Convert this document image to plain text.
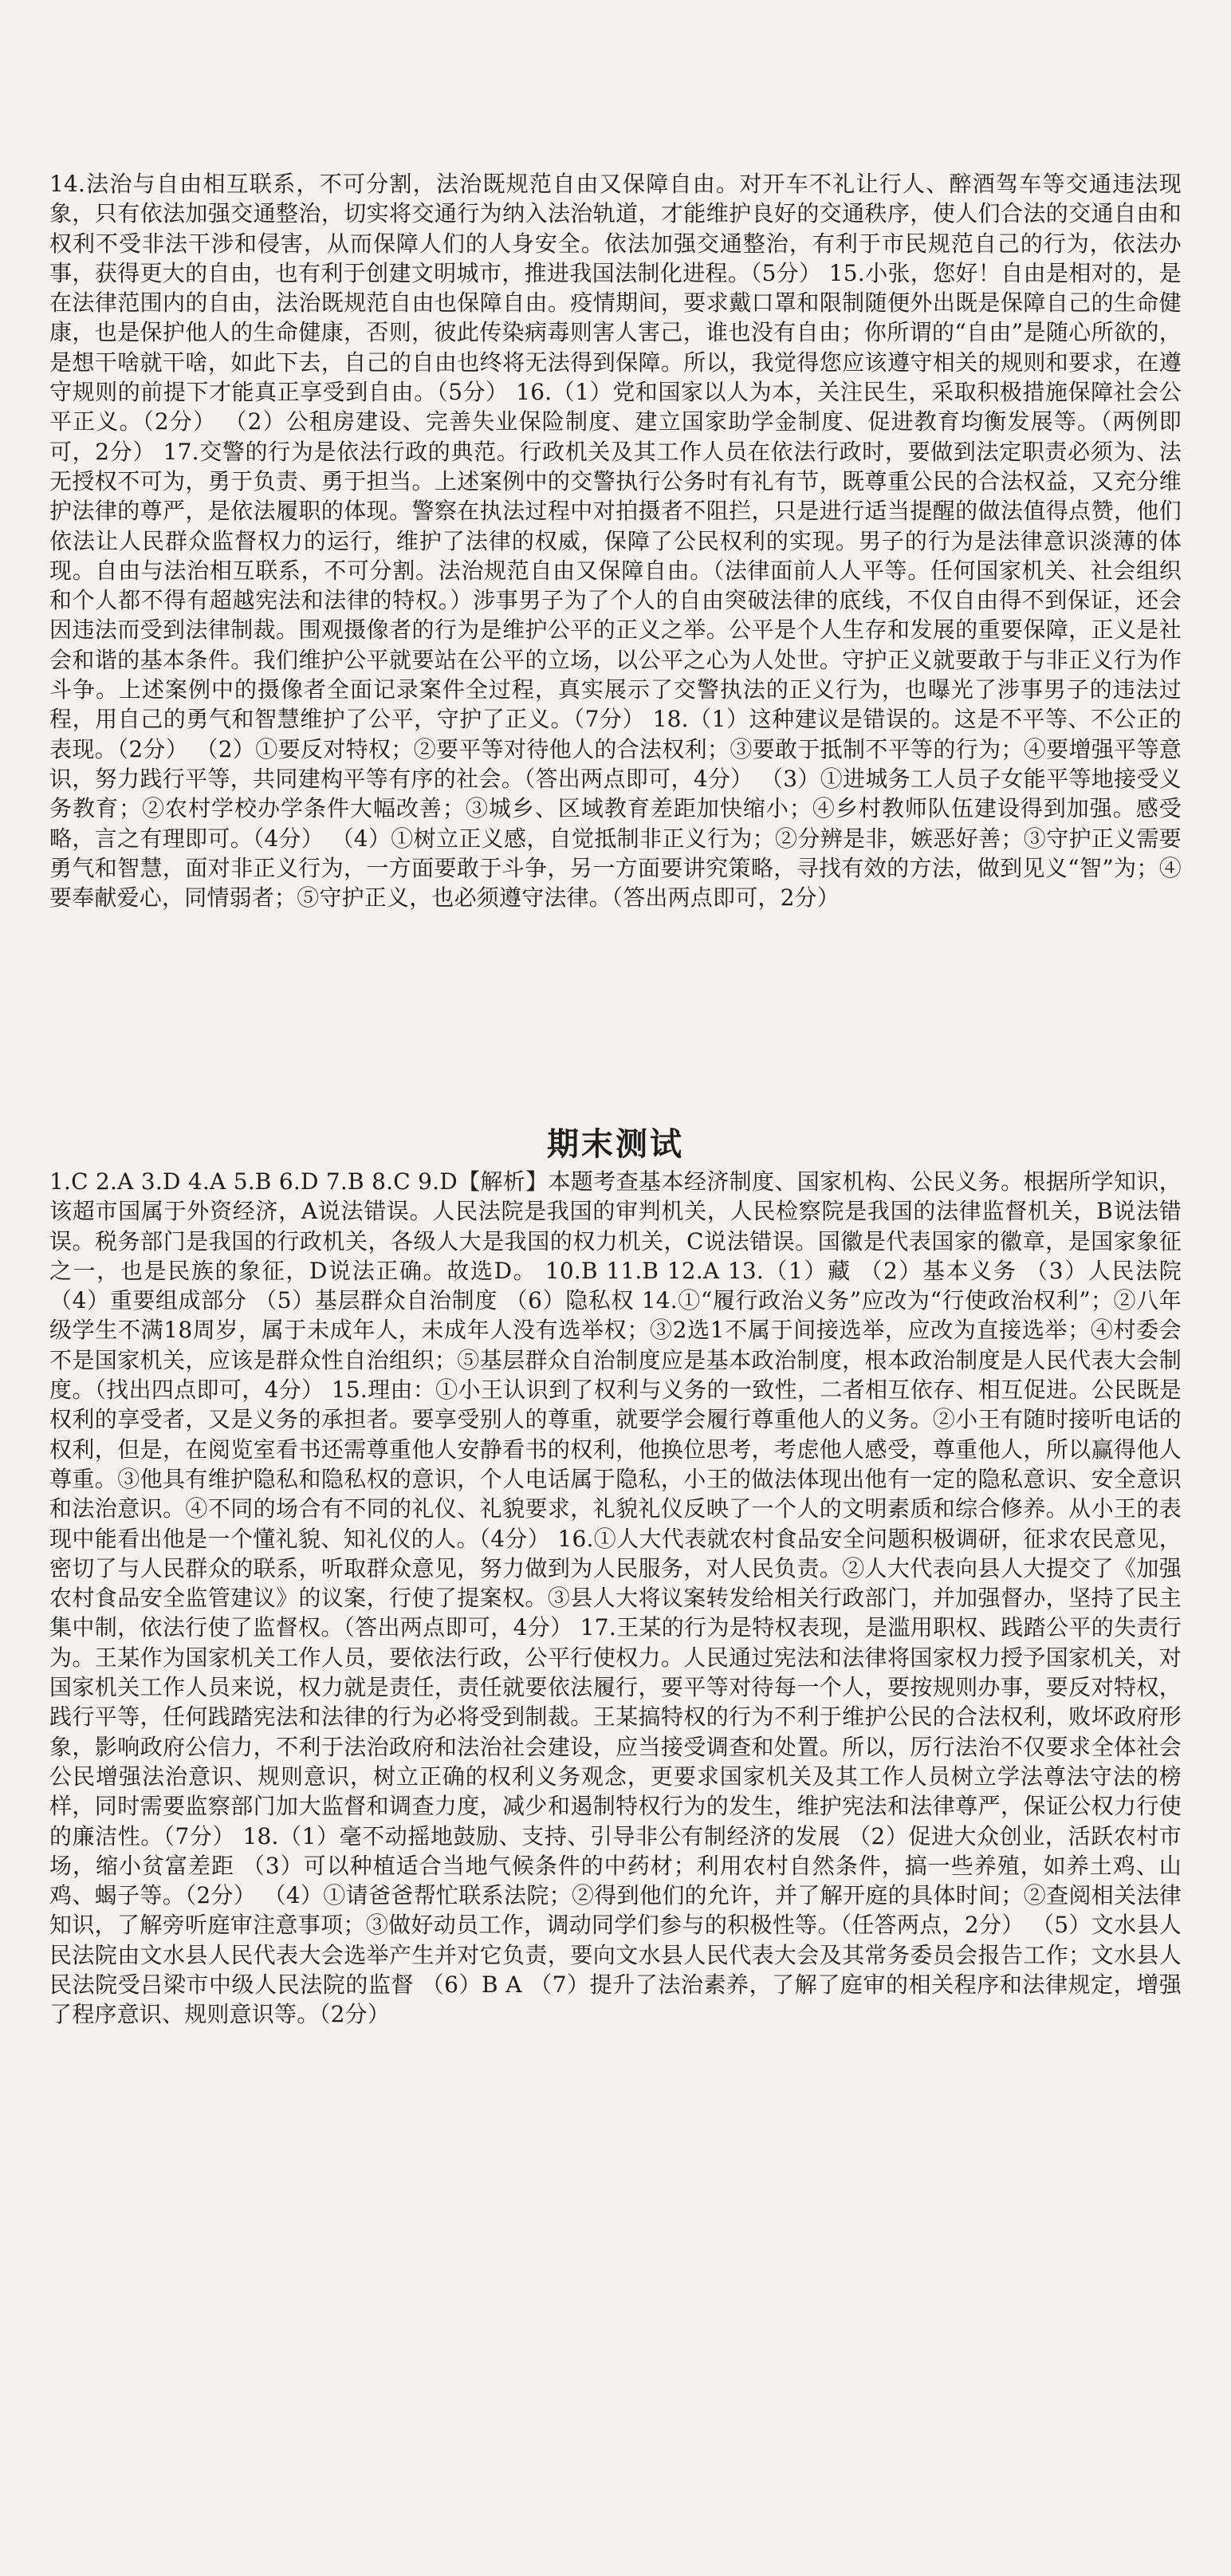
14.法治与自由相互联系，不可分割，法治既规范自由又保障自由。对开车不礼让行人、醉酒驾车等交通违法现象，只有依法加强交通整治，切实将交通行为纳入法治轨道，才能维护良好的交通秩序，使人们合法的交通自由和权利不受非法干涉和侵害，从而保障人们的人身安全。依法加强交通整治，有利于市民规范自己的行为，依法办事，获得更大的自由，也有利于创建文明城市，推进我国法制化进程。（5分） 15.小张，您好！自由是相对的，是在法律范围内的自由，法治既规范自由也保障自由。疫情期间，要求戴口罩和限制随便外出既是保障自己的生命健康，也是保护他人的生命健康，否则，彼此传染病毒则害人害己，谁也没有自由；你所谓的“自由”是随心所欲的，是想干啥就干啥，如此下去，自己的自由也终将无法得到保障。所以，我觉得您应该遵守相关的规则和要求，在遵守规则的前提下才能真正享受到自由。（5分） 16.（1）党和国家以人为本，关注民生，采取积极措施保障社会公平正义。（2分） （2）公租房建设、完善失业保险制度、建立国家助学金制度、促进教育均衡发展等。（两例即可，2分） 17.交警的行为是依法行政的典范。行政机关及其工作人员在依法行政时，要做到法定职责必须为、法无授权不可为，勇于负责、勇于担当。上述案例中的交警执行公务时有礼有节，既尊重公民的合法权益，又充分维护法律的尊严，是依法履职的体现。警察在执法过程中对拍摄者不阻拦，只是进行适当提醒的做法值得点赞，他们依法让人民群众监督权力的运行，维护了法律的权威，保障了公民权利的实现。男子的行为是法律意识淡薄的体现。自由与法治相互联系，不可分割。法治规范自由又保障自由。（法律面前人人平等。任何国家机关、社会组织和个人都不得有超越宪法和法律的特权。）涉事男子为了个人的自由突破法律的底线，不仅自由得不到保证，还会因违法而受到法律制裁。围观摄像者的行为是维护公平的正义之举。公平是个人生存和发展的重要保障，正义是社会和谐的基本条件。我们维护公平就要站在公平的立场，以公平之心为人处世。守护正义就要敢于与非正义行为作斗争。上述案例中的摄像者全面记录案件全过程，真实展示了交警执法的正义行为，也曝光了涉事男子的违法过程，用自己的勇气和智慧维护了公平，守护了正义。（7分） 18.（1）这种建议是错误的。这是不平等、不公正的表现。（2分） （2）①要反对特权；②要平等对待他人的合法权利；③要敢于抵制不平等的行为；④要增强平等意识，努力践行平等，共同建构平等有序的社会。（答出两点即可，4分） （3）①进城务工人员子女能平等地接受义务教育；②农村学校办学条件大幅改善；③城乡、区域教育差距加快缩小；④乡村教师队伍建设得到加强。感受略，言之有理即可。（4分） （4）①树立正义感，自觉抵制非正义行为；②分辨是非，嫉恶好善；③守护正义需要勇气和智慧，面对非正义行为，一方面要敢于斗争，另一方面要讲究策略，寻找有效的方法，做到见义“智”为；④要奉献爱心，同情弱者；⑤守护正义，也必须遵守法律。（答出两点即可，2分）

期末测试

1.C 2.A 3.D 4.A 5.B 6.D 7.B 8.C 9.D【解析】本题考查基本经济制度、国家机构、公民义务。根据所学知识，该超市国属于外资经济，A说法错误。人民法院是我国的审判机关，人民检察院是我国的法律监督机关，B说法错误。税务部门是我国的行政机关，各级人大是我国的权力机关，C说法错误。国徽是代表国家的徽章，是国家象征之一，也是民族的象征，D说法正确。故选D。 10.B 11.B 12.A 13.（1）藏 （2）基本义务 （3）人民法院 （4）重要组成部分 （5）基层群众自治制度 （6）隐私权 14.①“履行政治义务”应改为“行使政治权利”；②八年级学生不满18周岁，属于未成年人，未成年人没有选举权；③2选1不属于间接选举，应改为直接选举；④村委会不是国家机关，应该是群众性自治组织；⑤基层群众自治制度应是基本政治制度，根本政治制度是人民代表大会制度。（找出四点即可，4分） 15.理由：①小王认识到了权利与义务的一致性，二者相互依存、相互促进。公民既是权利的享受者，又是义务的承担者。要享受别人的尊重，就要学会履行尊重他人的义务。②小王有随时接听电话的权利，但是，在阅览室看书还需尊重他人安静看书的权利，他换位思考，考虑他人感受，尊重他人，所以赢得他人尊重。③他具有维护隐私和隐私权的意识，个人电话属于隐私，小王的做法体现出他有一定的隐私意识、安全意识和法治意识。④不同的场合有不同的礼仪、礼貌要求，礼貌礼仪反映了一个人的文明素质和综合修养。从小王的表现中能看出他是一个懂礼貌、知礼仪的人。（4分） 16.①人大代表就农村食品安全问题积极调研，征求农民意见，密切了与人民群众的联系，听取群众意见，努力做到为人民服务，对人民负责。②人大代表向县人大提交了《加强农村食品安全监管建议》的议案，行使了提案权。③县人大将议案转发给相关行政部门，并加强督办，坚持了民主集中制，依法行使了监督权。（答出两点即可，4分） 17.王某的行为是特权表现，是滥用职权、践踏公平的失责行为。王某作为国家机关工作人员，要依法行政，公平行使权力。人民通过宪法和法律将国家权力授予国家机关，对国家机关工作人员来说，权力就是责任，责任就要依法履行，要平等对待每一个人，要按规则办事，要反对特权，践行平等，任何践踏宪法和法律的行为必将受到制裁。王某搞特权的行为不利于维护公民的合法权利，败坏政府形象，影响政府公信力，不利于法治政府和法治社会建设，应当接受调查和处置。所以，厉行法治不仅要求全体社会公民增强法治意识、规则意识，树立正确的权利义务观念，更要求国家机关及其工作人员树立学法尊法守法的榜样，同时需要监察部门加大监督和调查力度，减少和遏制特权行为的发生，维护宪法和法律尊严，保证公权力行使的廉洁性。（7分） 18.（1）毫不动摇地鼓励、支持、引导非公有制经济的发展 （2）促进大众创业，活跃农村市场，缩小贫富差距 （3）可以种植适合当地气候条件的中药材；利用农村自然条件，搞一些养殖，如养土鸡、山鸡、蝎子等。（2分） （4）①请爸爸帮忙联系法院；②得到他们的允许，并了解开庭的具体时间；②查阅相关法律知识，了解旁听庭审注意事项；③做好动员工作，调动同学们参与的积极性等。（任答两点，2分） （5）文水县人民法院由文水县人民代表大会选举产生并对它负责，要向文水县人民代表大会及其常务委员会报告工作；文水县人民法院受吕梁市中级人民法院的监督 （6）B A （7）提升了法治素养，了解了庭审的相关程序和法律规定，增强了程序意识、规则意识等。（2分）
